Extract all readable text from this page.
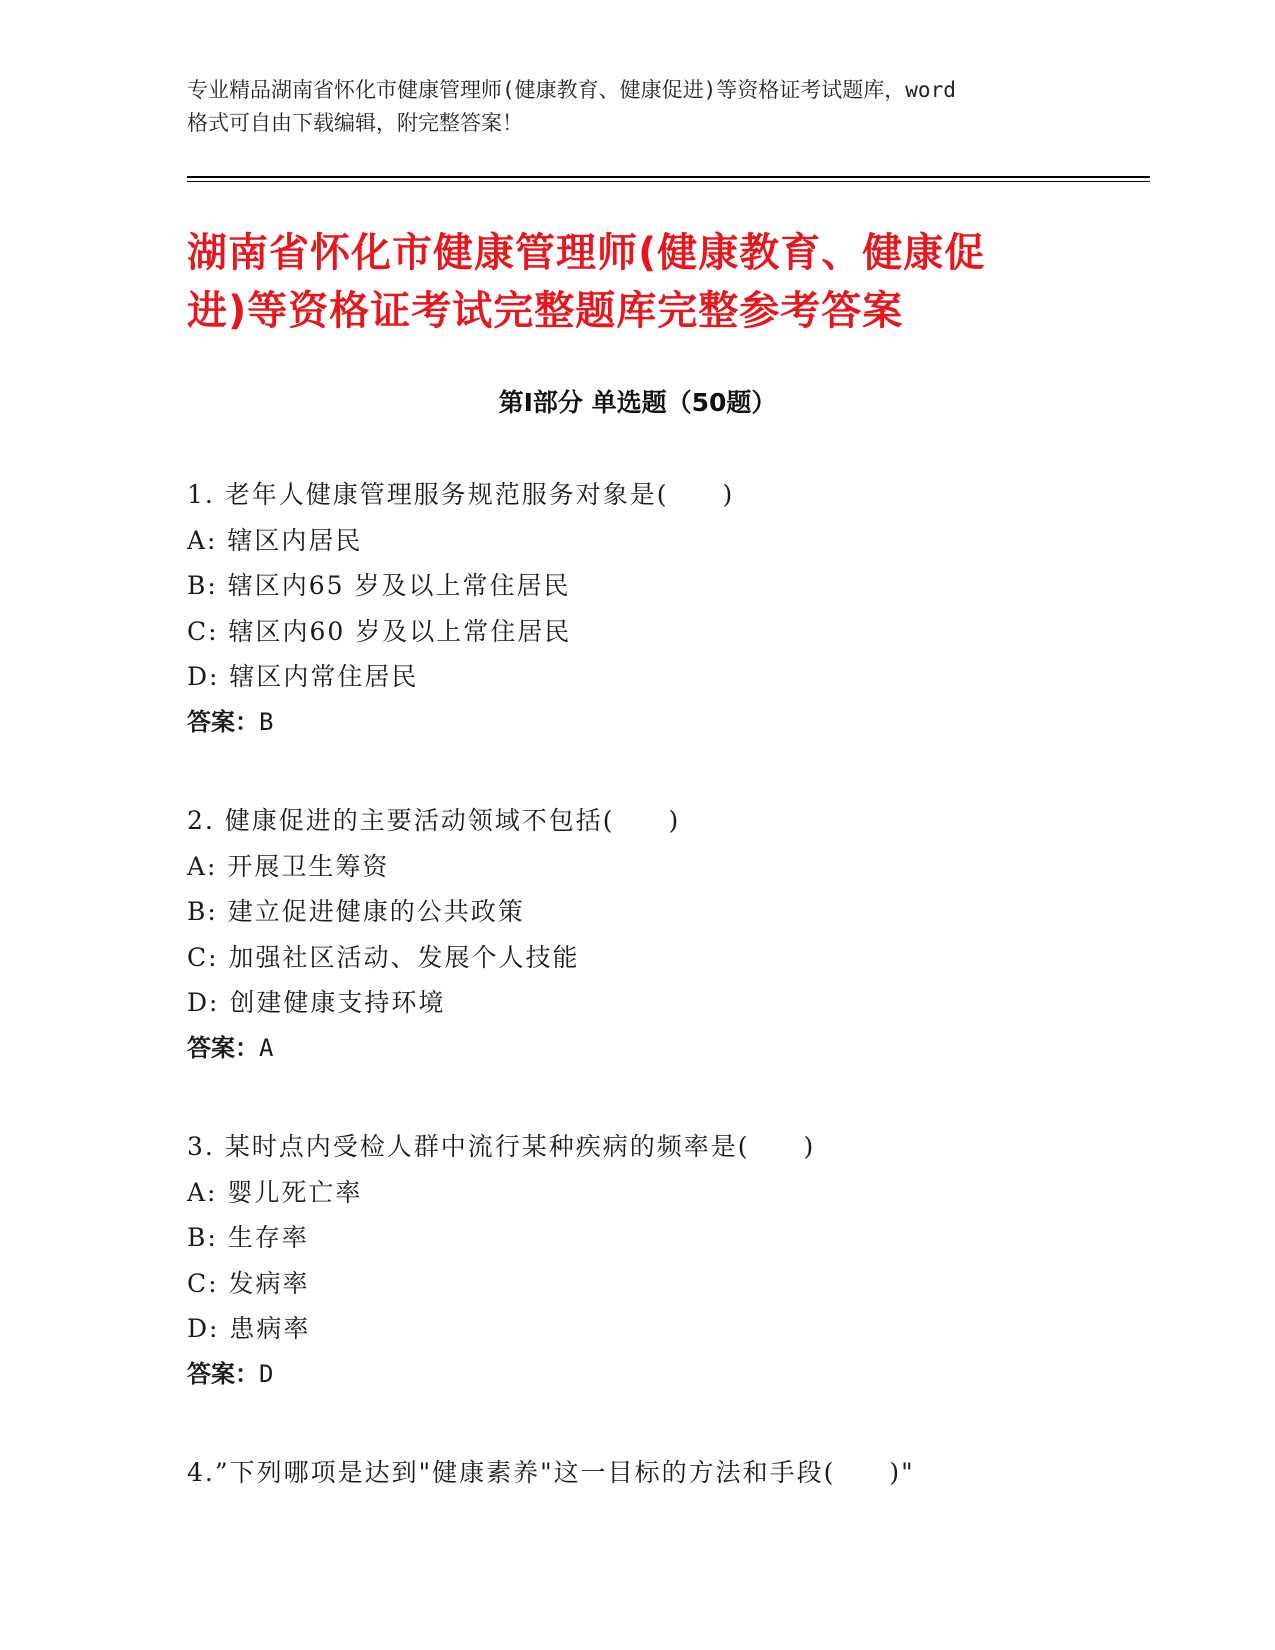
专业精品湖南省怀化市健康管理师(健康教育、健康促进)等资格证考试题库，word
格式可自由下载编辑，附完整答案！
湖南省怀化市健康管理师(健康教育、健康促
进)等资格证考试完整题库完整参考答案
第Ⅰ部分 单选题（50题）
1. 老年人健康管理服务规范服务对象是(　　)
A: 辖区内居民
B: 辖区内65 岁及以上常住居民
C: 辖区内60 岁及以上常住居民
D: 辖区内常住居民
答案：B
2. 健康促进的主要活动领域不包括(　　)
A: 开展卫生筹资
B: 建立促进健康的公共政策
C: 加强社区活动、发展个人技能
D: 创建健康支持环境
答案：A
3. 某时点内受检人群中流行某种疾病的频率是(　　)
A: 婴儿死亡率
B: 生存率
C: 发病率
D: 患病率
答案：D
4.”下列哪项是达到"健康素养"这一目标的方法和手段(　　)"
